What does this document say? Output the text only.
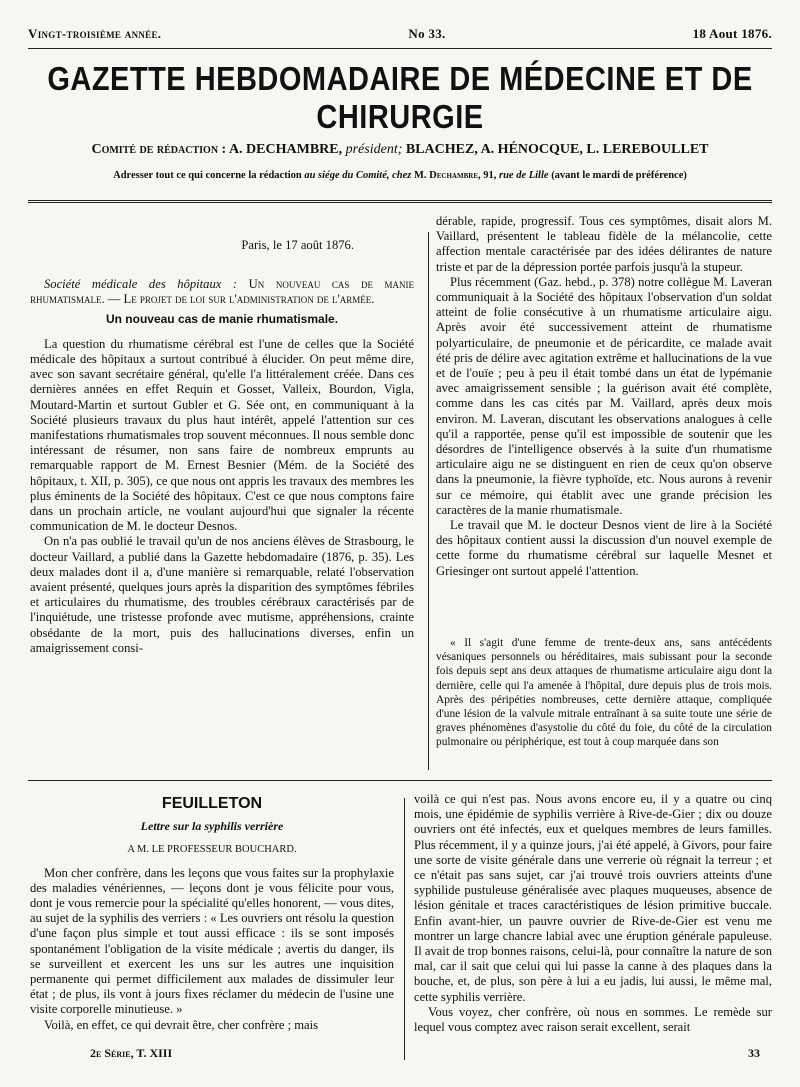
Vingt-troisième année.	No 33.	18 Aout 1876.
GAZETTE HEBDOMADAIRE DE MÉDECINE ET DE CHIRURGIE
Comité de rédaction : A. DECHAMBRE, président; BLACHEZ, A. HÉNOCQUE, L. LEREBOULLET
Adresser tout ce qui concerne la rédaction au siége du Comité, chez M. Dechambre, 91, rue de Lille (avant le mardi de préférence)
Paris, le 17 août 1876.

Société médicale des hôpitaux : Un nouveau cas de manie rhumatismale. — Le projet de loi sur l'administration de l'armée.

Un nouveau cas de manie rhumatismale.

La question du rhumatisme cérébral est l'une de celles que la Société médicale des hôpitaux a surtout contribué à élucider. On peut même dire, avec son savant secrétaire général, qu'elle l'a littéralement créée. Dans ces dernières années en effet Requin et Gosset, Valleix, Bourdon, Vigla, Moutard-Martin et surtout Gubler et G. Sée ont, en communiquant à la Société plusieurs travaux du plus haut intérêt, appelé l'attention sur ces manifestations rhumatismales trop souvent méconnues. Il nous semble donc intéressant de résumer, non sans faire de nombreux emprunts au remarquable rapport de M. Ernest Besnier (Mém. de la Société des hôpitaux, t. XII, p. 305), ce que nous ont appris les travaux des membres les plus éminents de la Société des hôpitaux. C'est ce que nous comptons faire dans un prochain article, ne voulant aujourd'hui que signaler la récente communication de M. le docteur Desnos.

On n'a pas oublié le travail qu'un de nos anciens élèves de Strasbourg, le docteur Vaillard, a publié dans la Gazette hebdomadaire (1876, p. 35). Les deux malades dont il a, d'une manière si remarquable, relaté l'observation avaient présenté, quelques jours après la disparition des symptômes fébriles et articulaires du rhumatisme, des troubles cérébraux caractérisés par de l'inquiétude, une tristesse profonde avec mutisme, appréhensions, crainte obsédante de la mort, puis des hallucinations diverses, enfin un amaigrissement consi-

dérable, rapide, progressif. Tous ces symptômes, disait alors M. Vaillard, présentent le tableau fidèle de la mélancolie, cette affection mentale caractérisée par des idées délirantes de nature triste et par de la dépression portée parfois jusqu'à la stupeur.

Plus récemment (Gaz. hebd., p. 378) notre collègue M. Laveran communiquait à la Société des hôpitaux l'observation d'un soldat atteint de folie consécutive à un rhumatisme articulaire aigu. Après avoir été successivement atteint de rhumatisme polyarticulaire, de pneumonie et de péricardite, ce malade avait été pris de délire avec agitation extrême et hallucinations de la vue et de l'ouïe ; peu à peu il était tombé dans un état de lypémanie avec amaigrissement sensible ; la guérison avait été complète, comme dans les cas cités par M. Vaillard, après deux mois environ. M. Laveran, discutant les observations analogues à celle qu'il a rapportée, pense qu'il est impossible de soutenir que les désordres de l'intelligence observés à la suite d'un rhumatisme articulaire aigu ne se distinguent en rien de ceux qu'on observe dans la pneumonie, la fièvre typhoïde, etc. Nous aurons à revenir sur ce mémoire, qui établit avec une grande précision les caractères de la manie rhumatismale.

Le travail que M. le docteur Desnos vient de lire à la Société des hôpitaux contient aussi la discussion d'un nouvel exemple de cette forme du rhumatisme cérébral sur laquelle Mesnet et Griesinger ont surtout appelé l'attention.

« Il s'agit d'une femme de trente-deux ans, sans antécédents vésaniques personnels ou héréditaires, mais subissant pour la seconde fois depuis sept ans deux attaques de rhumatisme articulaire aigu dont la dernière, celle qui l'a amenée à l'hôpital, dure depuis plus de trois mois. Après des péripéties nombreuses, cette dernière attaque, compliquée d'une lésion de la valvule mitrale entraînant à sa suite toute une série de graves phénomènes d'asystolie du côté du foie, du côté de la circulation pulmonaire ou périphérique, est tout à coup marquée dans son

FEUILLETON
Lettre sur la syphilis verrière
A M. LE PROFESSEUR BOUCHARD.

Mon cher confrère, dans les leçons que vous faites sur la prophylaxie des maladies vénériennes, — leçons dont je vous félicite pour vous, dont je vous remercie pour la spécialité qu'elles honorent, — vous dites, au sujet de la syphilis des verriers : « Les ouvriers ont résolu la question d'une façon plus simple et tout aussi efficace : ils se sont imposés spontanément l'obligation de la visite médicale ; avertis du danger, ils se surveillent et exercent les uns sur les autres une inquisition permanente qui permet difficilement aux malades de dissimuler leur état ; de plus, ils vont à jours fixes réclamer du médecin de l'usine une visite corporelle minutieuse. »

Voilà, en effet, ce qui devrait être, cher confrère ; mais

voilà ce qui n'est pas. Nous avons encore eu, il y a quatre ou cinq mois, une épidémie de syphilis verrière à Rive-de-Gier ; dix ou douze ouvriers ont été infectés, eux et quelques membres de leurs familles. Plus récemment, il y a quinze jours, j'ai été appelé, à Givors, pour faire une sorte de visite générale dans une verrerie où régnait la terreur ; et ce n'était pas sans sujet, car j'ai trouvé trois ouvriers atteints d'une syphilide pustuleuse généralisée avec plaques muqueuses, absence de lésion génitale et traces caractéristiques de lésion primitive buccale. Enfin avant-hier, un pauvre ouvrier de Rive-de-Gier est venu me montrer un large chancre labial avec une éruption générale papuleuse. Il avait de trop bonnes raisons, celui-là, pour connaître la nature de son mal, car il sait que celui qui lui passe la canne à des plaques dans la bouche, et, de plus, son père à lui a eu jadis, lui aussi, le même mal, cette syphilis verrière.

Vous voyez, cher confrère, où nous en sommes. Le remède sur lequel vous comptez avec raison serait excellent, serait

2e Série, T. XIII	33
